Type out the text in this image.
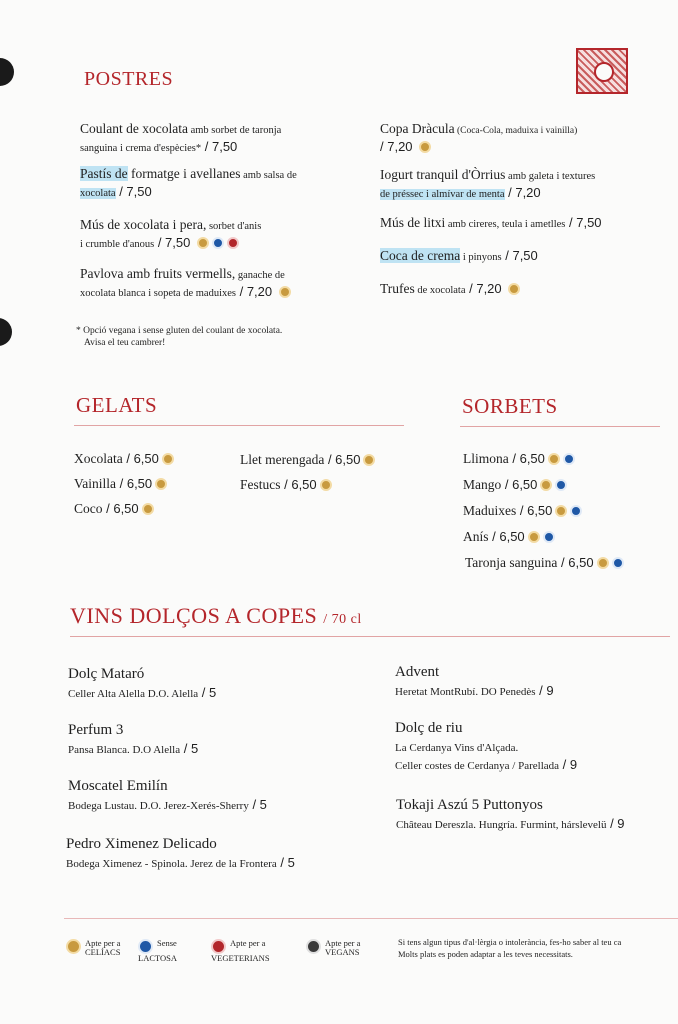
POSTRES
Coulant de xocolata amb sorbet de taronja
sanguina i crema d'espècies* / 7,50
Pastís de formatge i avellanes amb salsa de
xocolata / 7,50
Mús de xocolata i pera, sorbet d'anis
i crumble d'anous / 7,50
Pavlova amb fruits vermells, ganache de
xocolata blanca i sopeta de maduixes / 7,20
* Opció vegana i sense gluten del coulant de xocolata.
Avisa el teu cambrer!
Copa Dràcula (Coca-Cola, maduixa i vainilla)
/ 7,20
Iogurt tranquil d'Òrrius amb galeta i textures
de préssec i almívar de menta / 7,20
Mús de litxi amb cireres, teula i ametlles / 7,50
Coca de crema i pinyons / 7,50
Trufes de xocolata / 7,20
GELATS
Xocolata / 6,50
Vainilla / 6,50
Coco / 6,50
Llet merengada / 6,50
Festucs / 6,50
SORBETS
Llimona / 6,50
Mango / 6,50
Maduixes / 6,50
Anís / 6,50
Taronja sanguina / 6,50
VINS DOLÇOS A COPES / 70 cl
Dolç Mataró
Celler Alta Alella D.O. Alella / 5
Perfum 3
Pansa Blanca. D.O Alella / 5
Moscatel Emilín
Bodega Lustau. D.O. Jerez-Xerés-Sherry / 5
Pedro Ximenez Delicado
Bodega Ximenez - Spinola. Jerez de la Frontera / 5
Advent
Heretat MontRubí. DO Penedès / 9
Dolç de riu
La Cerdanya Vins d'Alçada.
Celler costes de Cerdanya / Parellada / 9
Tokaji Aszú 5 Puttonyos
Château Dereszla. Hungría. Furmint, hárslevelü / 9
Apte per a
CELÍACS
Sense
LACTOSA
Apte per a
VEGETERIANS
Apte per a
VEGANS
Si tens algun tipus d'al·lèrgia o intolerància, fes-ho saber al teu ca
Molts plats es poden adaptar a les teves necessitats.
